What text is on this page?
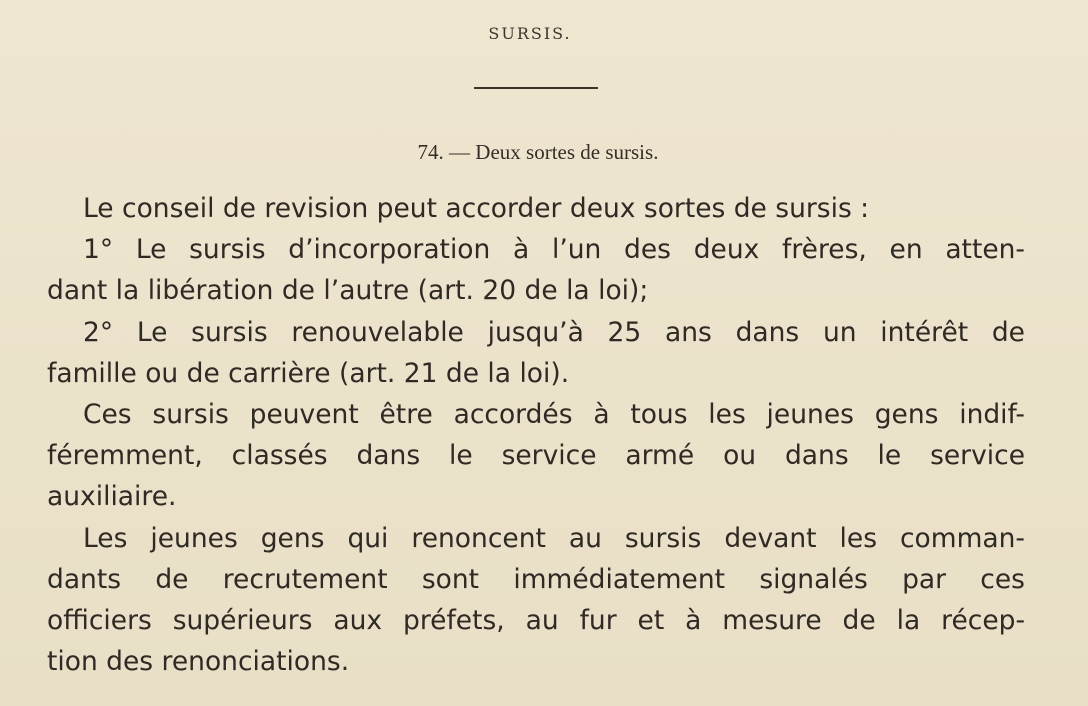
SURSIS.
74. — Deux sortes de sursis.
Le conseil de revision peut accorder deux sortes de sursis :
1° Le sursis d’incorporation à l’un des deux frères, en atten-
dant la libération de l’autre (art. 20 de la loi);
2° Le sursis renouvelable jusqu’à 25 ans dans un intérêt de
famille ou de carrière (art. 21 de la loi).
Ces sursis peuvent être accordés à tous les jeunes gens indif-
féremment, classés dans le service armé ou dans le service
auxiliaire.
Les jeunes gens qui renoncent au sursis devant les comman-
dants de recrutement sont immédiatement signalés par ces
officiers supérieurs aux préfets, au fur et à mesure de la récep-
tion des renonciations.
